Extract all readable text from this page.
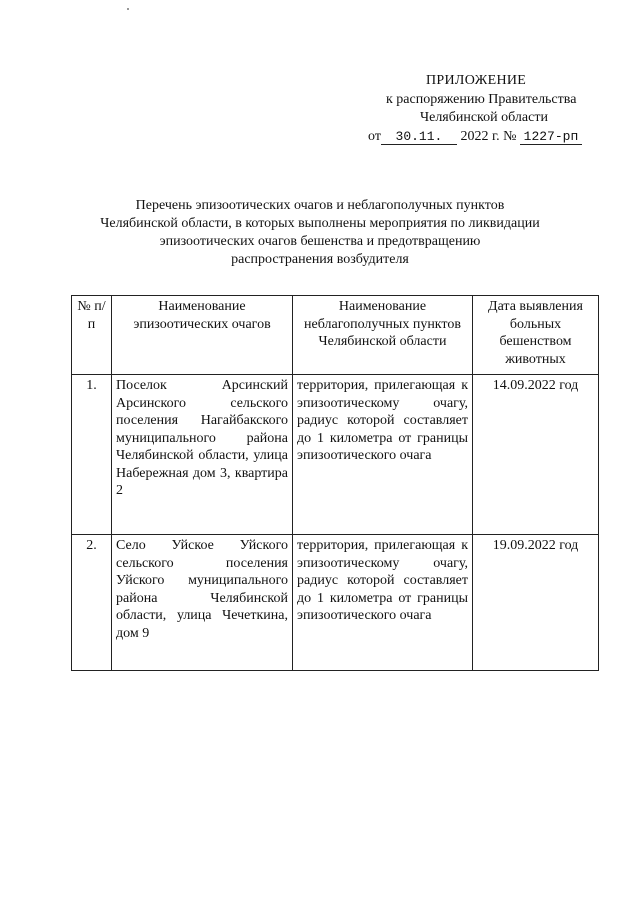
ПРИЛОЖЕНИЕ
к распоряжению Правительства
Челябинской области
от 30.11. 2022 г. № 1227-рп
Перечень эпизоотических очагов и неблагополучных пунктов
Челябинской области, в которых выполнены мероприятия по ликвидации
эпизоотических очагов бешенства и предотвращению
распространения возбудителя
№ п/п	Наименование эпизоотических очагов	Наименование неблагополучных пунктов Челябинской области	Дата выявления больных бешенством животных
1.	Поселок Арсинский Арсинского сельского поселения Нагайбакского муниципального района Челябинской области, улица Набережная дом 3, квартира 2	территория, прилегающая к эпизоотическому очагу, радиус которой составляет до 1 километра от границы эпизоотического очага	14.09.2022 год
2.	Село Уйское Уйского сельского поселения Уйского муниципального района Челябинской области, улица Чечеткина, дом 9	территория, прилегающая к эпизоотическому очагу, радиус которой составляет до 1 километра от границы эпизоотического очага	19.09.2022 год
